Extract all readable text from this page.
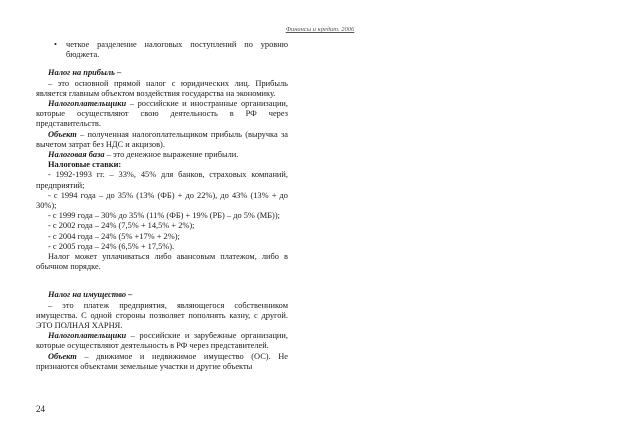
Финансы и кредит. 2006
•	четкое разделение налоговых поступлений по уровню бюджета.

Налог на прибыль –

– это основной прямой налог с юридических лиц. Прибыль является главным объектом воздействия государства на экономику.

Налогоплательщики – российские и иностранные организации, которые осуществляют свою деятельность в РФ через представительств.

Объект – полученная налогоплательщиком прибыль (выручка за вычетом затрат без НДС и акцизов).

Налоговая база – это денежное выражение прибыли.

Налоговые ставки:

- 1992-1993 гг. – 33%, 45% для банков, страховых компаний, предприятий;

- с 1994 года – до 35% (13% (ФБ) + до 22%), до 43% (13% + до 30%);

- с 1999 года – 30% до 35% (11% (ФБ) + 19% (РБ) – до 5% (МБ));

- с 2002 года – 24% (7,5% + 14,5% + 2%);

- с 2004 года – 24% (5% +17% + 2%);

- с 2005 года – 24% (6,5% + 17,5%).

Налог может уплачиваться либо авансовым платежом, либо в обычном порядке.

Налог на имущество –

– это платеж предприятия, являющегося собственником имущества. С одной стороны позволяет пополнять казну, с другой. ЭТО ПОЛНАЯ ХАРНЯ.

Налогоплательщики – российские и зарубежные организации, которые осуществляют деятельность в РФ через представителей.

Объект – движимое и недвижимое имущество (ОС). Не признаются объектами земельные участки и другие объекты

24
